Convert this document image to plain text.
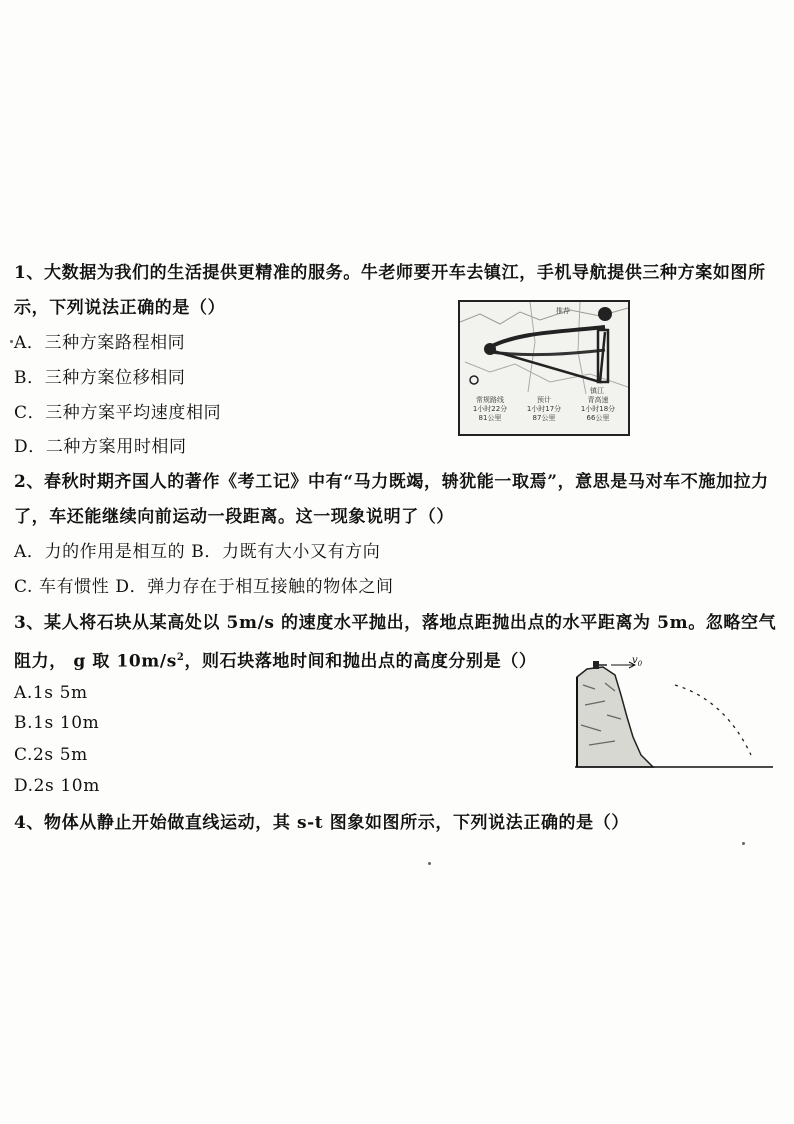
1、大数据为我们的生活提供更精准的服务。牛老师要开车去镇江，手机导航提供三种方案如图所
示，下列说法正确的是（）
A．三种方案路程相同
B．三种方案位移相同
C．三种方案平均速度相同
D．二种方案用时相同
推荐
镇江
常规路线	预计	青高速
1小时22分	1小时17分	1小时18分
81公里	87公里	66公里
2、春秋时期齐国人的著作《考工记》中有“马力既竭，辀犹能一取焉”，意思是马对车不施加拉力
了，车还能继续向前运动一段距离。这一现象说明了（）
A．力的作用是相互的 B．力既有大小又有方向
C. 车有惯性 D．弹力存在于相互接触的物体之间
3、某人将石块从某高处以 5m/s 的速度水平抛出，落地点距抛出点的水平距离为 5m。忽略空气
阻力， g 取 $10m/s^2$，则石块落地时间和抛出点的高度分别是（）
A.1s 5m
B.1s 10m
C.2s 5m
D.2s 10m
$v_0$
4、物体从静止开始做直线运动，其 s-t 图象如图所示，下列说法正确的是（）
